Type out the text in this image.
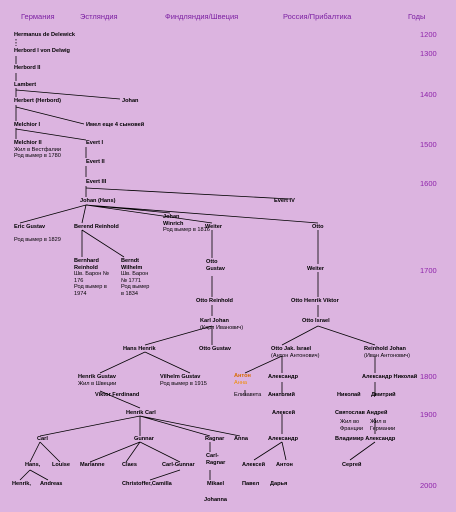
Германия	Эстляндия	Финдляндия/Швеция	Россия/Прибалтика	Годы
1200
1300
1400
1500
1600
1700
1800
1900
2000
Hermanus de Delewick
Herbord I von Delwig
Herbord II
Lambert
Herbert (Herbord)	Johan
Melchior I	Имел еще 4 сыновей
Melchior II
Жил в Вестфалии
Род вымер в 1780
Evert I
Evert II
Evert III
Johan (Hans)	Evert IV
Eric Gustav

Род вымер в 1829
Berend Reinhold
Johan
Winrich
Род вымер в 1816
Weiter	Otto
Bernhard
Reinhold
Шв. Барон №
176
Род вымер в
1974
Berndt
Wilhelm
Шв. Барон
№ 1771
Род вымер
в 1834
Otto
Gustav	Weiter
Otto Reinhold	Otto Henrik Viktor
Karl Johan
(Карл Иванович)
Otto Israel
Hans Henrik	Otto Gustav	Otto Jak. Israel
(Антон Антонович)
Reinhold Johan
(Иван Антонович)
Henrik Gustav
Жил в Швеции
Vilhelm Gustav
Род вымер в 1915
Антон
Анна
Елизавета
Александр
Анатолий
Александр Николай
Николай Дмитрий
Viktor Ferdinand
Henrik Carl	Алексей	Святослав Андрей
Жил во
Франции
Жил в
Германии
Владимир Александр
Carl	Gunnar	Ragnar Anna	Александр
Hans, Louise Marianne	Claes	Carl-Gunnar
Carl-
Ragnar	Алексей Антон	Сергей
Henrik, Andreas	Christoffer,Camilla	Mikael	Павел Дарья
Johanna
